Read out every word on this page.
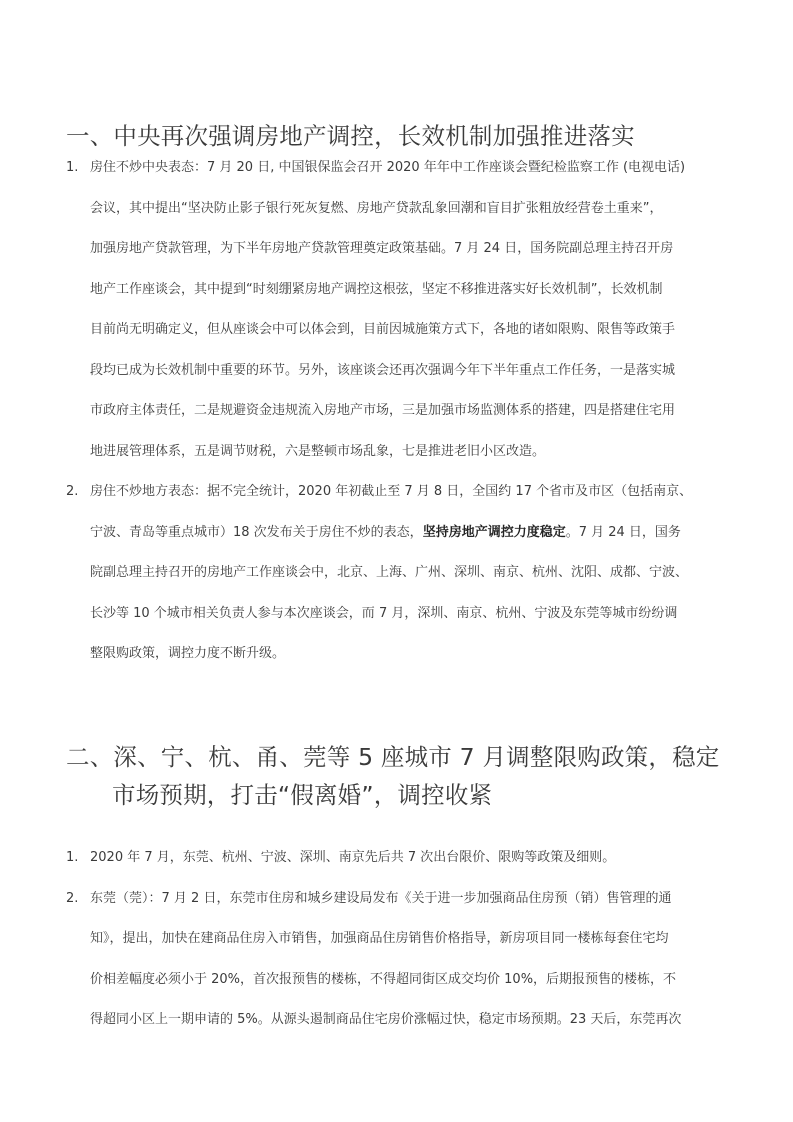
一、中央再次强调房地产调控，长效机制加强推进落实
1. 房住不炒中央表态：7 月 20 日, 中国银保监会召开 2020 年年中工作座谈会暨纪检监察工作 (电视电话)
会议，其中提出“坚决防止影子银行死灰复燃、房地产贷款乱象回潮和盲目扩张粗放经营卷土重来”，
加强房地产贷款管理，为下半年房地产贷款管理奠定政策基础。7 月 24 日，国务院副总理主持召开房
地产工作座谈会，其中提到“时刻绷紧房地产调控这根弦，坚定不移推进落实好长效机制”，长效机制
目前尚无明确定义，但从座谈会中可以体会到，目前因城施策方式下，各地的诸如限购、限售等政策手
段均已成为长效机制中重要的环节。另外，该座谈会还再次强调今年下半年重点工作任务，一是落实城
市政府主体责任，二是规避资金违规流入房地产市场，三是加强市场监测体系的搭建，四是搭建住宅用
地进展管理体系，五是调节财税，六是整顿市场乱象，七是推进老旧小区改造。
2. 房住不炒地方表态：据不完全统计，2020 年初截止至 7 月 8 日，全国约 17 个省市及市区（包括南京、
宁波、青岛等重点城市）18 次发布关于房住不炒的表态，坚持房地产调控力度稳定。7 月 24 日，国务
院副总理主持召开的房地产工作座谈会中，北京、上海、广州、深圳、南京、杭州、沈阳、成都、宁波、
长沙等 10 个城市相关负责人参与本次座谈会，而 7 月，深圳、南京、杭州、宁波及东莞等城市纷纷调
整限购政策，调控力度不断升级。
二、深、宁、杭、甬、莞等 5 座城市 7 月调整限购政策，稳定
市场预期，打击“假离婚”，调控收紧
1. 2020 年 7 月，东莞、杭州、宁波、深圳、南京先后共 7 次出台限价、限购等政策及细则。
2. 东莞（莞）：7 月 2 日，东莞市住房和城乡建设局发布《关于进一步加强商品住房预（销）售管理的通
知》，提出，加快在建商品住房入市销售，加强商品住房销售价格指导，新房项目同一楼栋每套住宅均
价相差幅度必须小于 20%，首次报预售的楼栋，不得超同街区成交均价 10%，后期报预售的楼栋，不
得超同小区上一期申请的 5%。从源头遏制商品住宅房价涨幅过快，稳定市场预期。23 天后，东莞再次
